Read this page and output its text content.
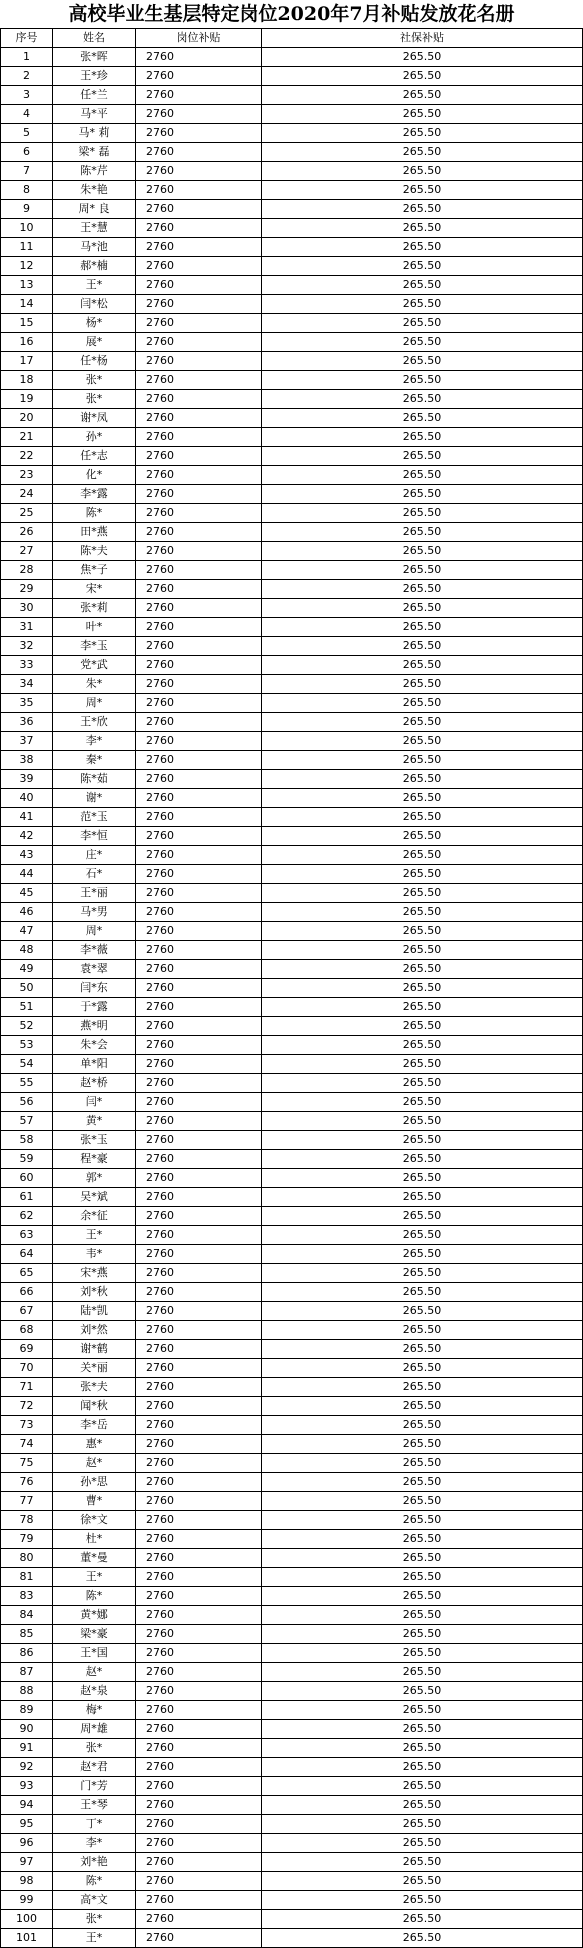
高校毕业生基层特定岗位2020年7月补贴发放花名册
序号	姓名	岗位补贴	社保补贴
1	张*晖	2760	265.50
2	王*珍	2760	265.50
3	任*兰	2760	265.50
4	马*平	2760	265.50
5	马* 莉	2760	265.50
6	梁* 磊	2760	265.50
7	陈*芹	2760	265.50
8	朱*艳	2760	265.50
9	周* 良	2760	265.50
10	王*慧	2760	265.50
11	马*池	2760	265.50
12	郝*楠	2760	265.50
13	王*	2760	265.50
14	闫*松	2760	265.50
15	杨*	2760	265.50
16	展*	2760	265.50
17	任*杨	2760	265.50
18	张*	2760	265.50
19	张*	2760	265.50
20	谢*凤	2760	265.50
21	孙*	2760	265.50
22	任*志	2760	265.50
23	化*	2760	265.50
24	李*露	2760	265.50
25	陈*	2760	265.50
26	田*燕	2760	265.50
27	陈*夫	2760	265.50
28	焦*子	2760	265.50
29	宋*	2760	265.50
30	张*莉	2760	265.50
31	叶*	2760	265.50
32	李*玉	2760	265.50
33	党*武	2760	265.50
34	朱*	2760	265.50
35	周*	2760	265.50
36	王*欣	2760	265.50
37	李*	2760	265.50
38	秦*	2760	265.50
39	陈*茹	2760	265.50
40	谢*	2760	265.50
41	范*玉	2760	265.50
42	李*恒	2760	265.50
43	庄*	2760	265.50
44	石*	2760	265.50
45	王*丽	2760	265.50
46	马*男	2760	265.50
47	周*	2760	265.50
48	李*薇	2760	265.50
49	袁*翠	2760	265.50
50	闫*东	2760	265.50
51	于*露	2760	265.50
52	燕*明	2760	265.50
53	朱*会	2760	265.50
54	单*阳	2760	265.50
55	赵*桥	2760	265.50
56	闫*	2760	265.50
57	黄*	2760	265.50
58	张*玉	2760	265.50
59	程*豪	2760	265.50
60	郭*	2760	265.50
61	吴*斌	2760	265.50
62	余*征	2760	265.50
63	王*	2760	265.50
64	韦*	2760	265.50
65	宋*燕	2760	265.50
66	刘*秋	2760	265.50
67	陆*凯	2760	265.50
68	刘*然	2760	265.50
69	谢*鹤	2760	265.50
70	关*丽	2760	265.50
71	张*夫	2760	265.50
72	闻*秋	2760	265.50
73	李*岳	2760	265.50
74	惠*	2760	265.50
75	赵*	2760	265.50
76	孙*思	2760	265.50
77	曹*	2760	265.50
78	徐*文	2760	265.50
79	杜*	2760	265.50
80	董*曼	2760	265.50
81	王*	2760	265.50
83	陈*	2760	265.50
84	黄*娜	2760	265.50
85	梁*豪	2760	265.50
86	王*国	2760	265.50
87	赵*	2760	265.50
88	赵*泉	2760	265.50
89	梅*	2760	265.50
90	周*雄	2760	265.50
91	张*	2760	265.50
92	赵*君	2760	265.50
93	门*芳	2760	265.50
94	王*琴	2760	265.50
95	丁*	2760	265.50
96	李*	2760	265.50
97	刘*艳	2760	265.50
98	陈*	2760	265.50
99	高*文	2760	265.50
100	张*	2760	265.50
101	王*	2760	265.50
